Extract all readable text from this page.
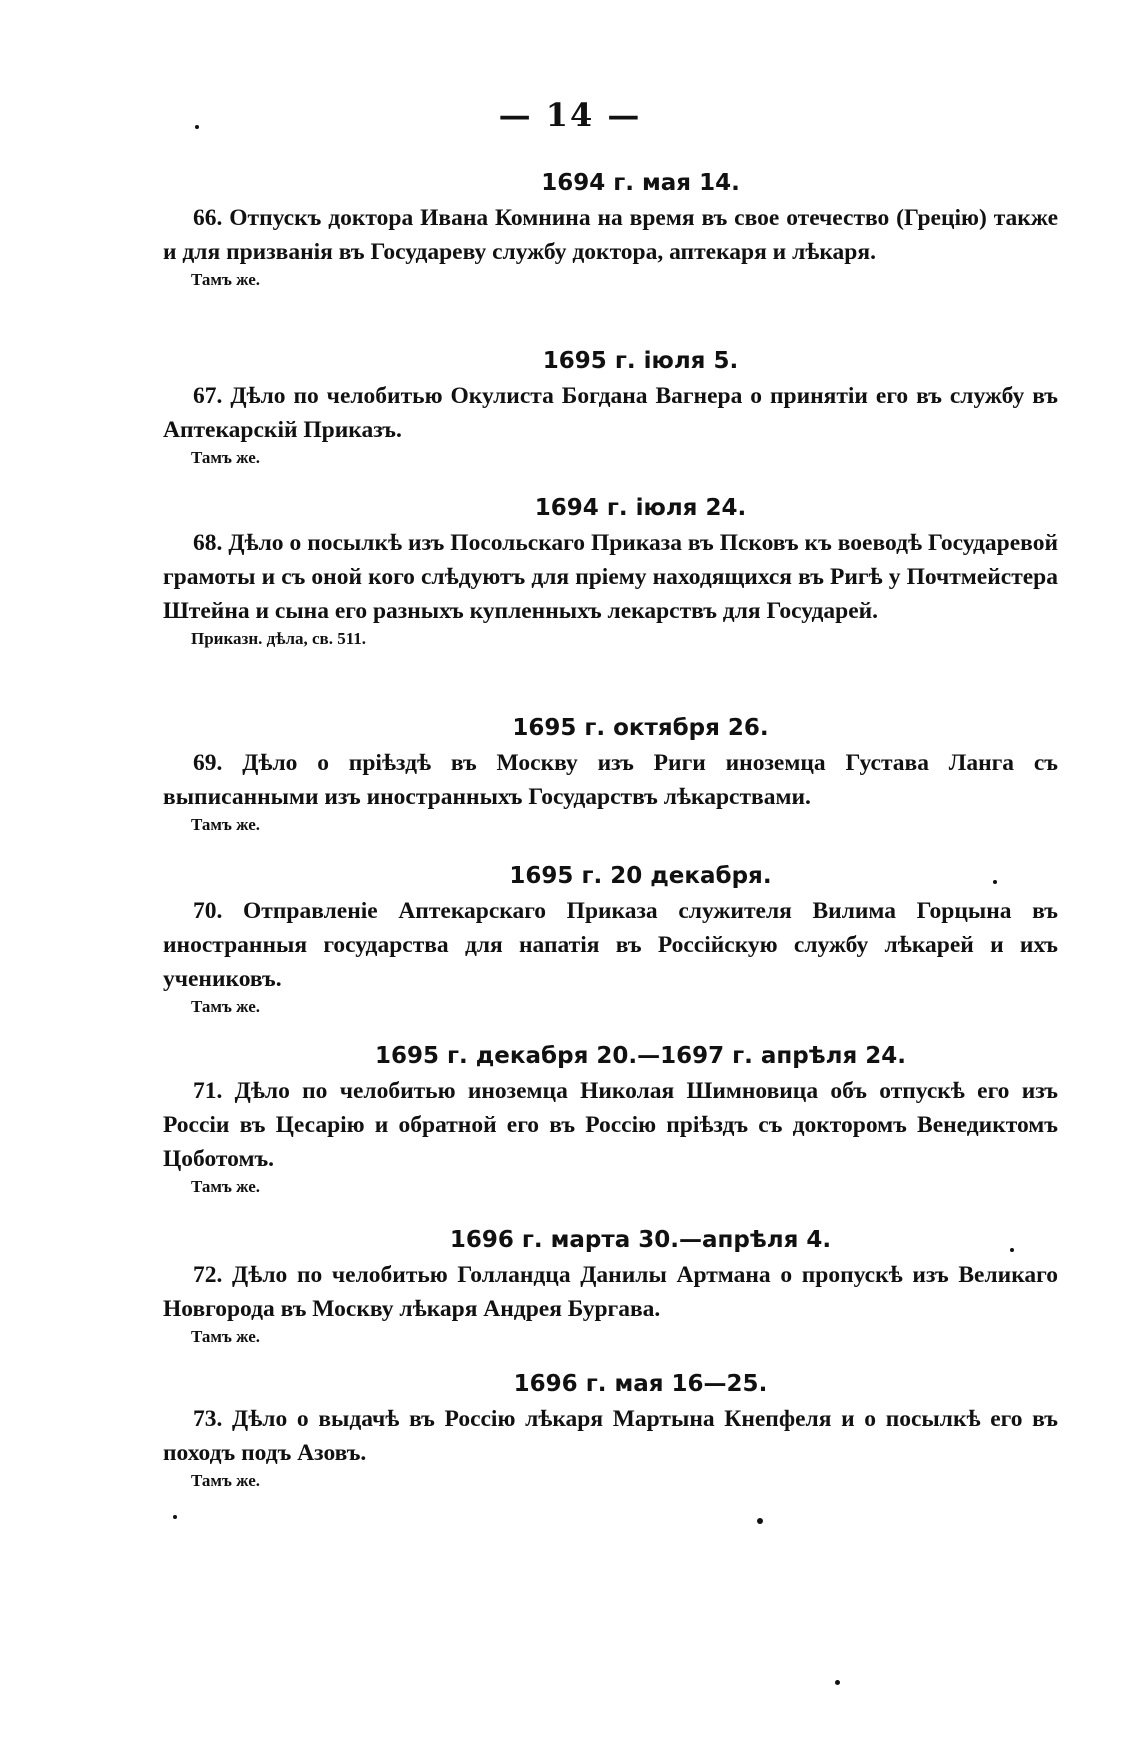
— 14 —
1694 г. мая 14.
66. Отпускъ доктора Ивана Комнина на время въ свое отечество (Грецію) также и для призванія въ Государеву службу доктора, аптекаря и лѣкаря.
Тамъ же.
1695 г. іюля 5.
67. Дѣло по челобитью Окулиста Богдана Вагнера о принятіи его въ службу въ Аптекарскій Приказъ.
Тамъ же.
1694 г. іюля 24.
68. Дѣло о посылкѣ изъ Посольскаго Приказа въ Псковъ къ воеводѣ Государевой грамоты и съ оной кого слѣдуютъ для пріему находящихся въ Ригѣ у Почтмейстера Штейна и сына его разныхъ купленныхъ лекарствъ для Государей.
Приказн. дѣла, св. 511.
1695 г. октября 26.
69. Дѣло о пріѣздѣ въ Москву изъ Риги иноземца Густава Ланга съ выписанными изъ иностранныхъ Государствъ лѣкарствами.
Тамъ же.
1695 г. 20 декабря.
70. Отправленіе Аптекарскаго Приказа служителя Вилима Горцына въ иностранныя государства для напатія въ Россійскую службу лѣкарей и ихъ учениковъ.
Тамъ же.
1695 г. декабря 20.—1697 г. апрѣля 24.
71. Дѣло по челобитью иноземца Николая Шимновица объ отпускѣ его изъ Россіи въ Цесарію и обратной его въ Россію пріѣздъ съ докторомъ Венедиктомъ Цоботомъ.
Тамъ же.
1696 г. марта 30.—апрѣля 4.
72. Дѣло по челобитью Голландца Данилы Артмана о пропускѣ изъ Великаго Новгорода въ Москву лѣкаря Андрея Бургава.
Тамъ же.
1696 г. мая 16—25.
73. Дѣло о выдачѣ въ Россію лѣкаря Мартына Кнепфеля и о посылкѣ его въ походъ подъ Азовъ.
Тамъ же.
